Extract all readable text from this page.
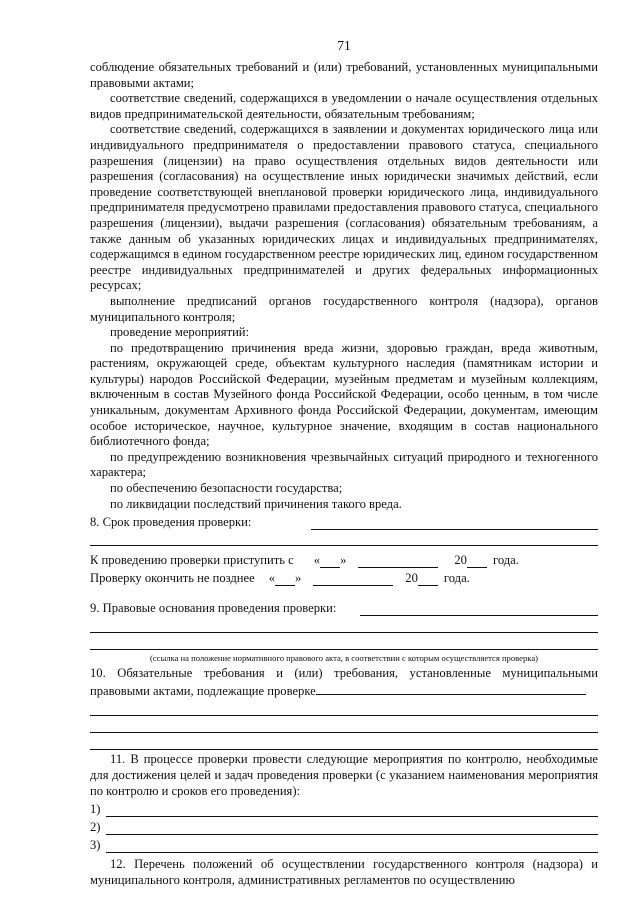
71

соблюдение обязательных требований и (или) требований, установленных муниципальными правовыми актами;

соответствие сведений, содержащихся в уведомлении о начале осуществления отдельных видов предпринимательской деятельности, обязательным требованиям;

соответствие сведений, содержащихся в заявлении и документах юридического лица или индивидуального предпринимателя о предоставлении правового статуса, специального разрешения (лицензии) на право осуществления отдельных видов деятельности или разрешения (согласования) на осуществление иных юридически значимых действий, если проведение соответствующей внеплановой проверки юридического лица, индивидуального предпринимателя предусмотрено правилами предоставления правового статуса, специального разрешения (лицензии), выдачи разрешения (согласования) обязательным требованиям, а также данным об указанных юридических лицах и индивидуальных предпринимателях, содержащимся в едином государственном реестре юридических лиц, едином государственном реестре индивидуальных предпринимателей и других федеральных информационных ресурсах;

выполнение предписаний органов государственного контроля (надзора), органов муниципального контроля;

проведение мероприятий:

по предотвращению причинения вреда жизни, здоровью граждан, вреда животным, растениям, окружающей среде, объектам культурного наследия (памятникам истории и культуры) народов Российской Федерации, музейным предметам и музейным коллекциям, включенным в состав Музейного фонда Российской Федерации, особо ценным, в том числе уникальным, документам Архивного фонда Российской Федерации, документам, имеющим особое историческое, научное, культурное значение, входящим в состав национального библиотечного фонда;

по предупреждению возникновения чрезвычайных ситуаций природного и техногенного характера;

по обеспечению безопасности государства;

по ликвидации последствий причинения такого вреда.

8. Срок проведения проверки:
К проведению проверки приступить с « »	20 года.
Проверку окончить не позднее « »	20 года.
9. Правовые основания проведения проверки:
(ссылка на положение нормативного правового акта, в соответствии с которым осуществляется проверка)

10. Обязательные требования и (или) требования, установленные муниципальными правовыми актами, подлежащие проверке

11. В процессе проверки провести следующие мероприятия по контролю, необходимые для достижения целей и задач проведения проверки (с указанием наименования мероприятия по контролю и сроков его проведения):

1)
2)
3)

12. Перечень положений об осуществлении государственного контроля (надзора) и муниципального контроля, административных регламентов по осуществлению
